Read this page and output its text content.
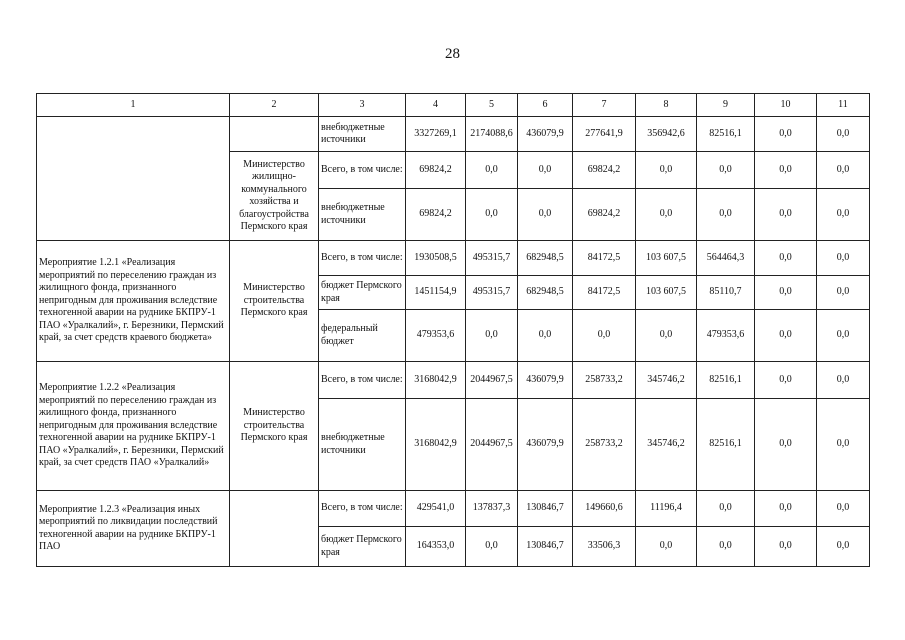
28
1	2	3	4	5	6	7	8	9	10	11
		внебюджетные источники	3327269,1	2174088,6	436079,9	277641,9	356942,6	82516,1	0,0	0,0
	Министерство жилищно-коммунального хозяйства и благоустройства Пермского края	Всего, в том числе:	69824,2	0,0	0,0	69824,2	0,0	0,0	0,0	0,0
		внебюджетные источники	69824,2	0,0	0,0	69824,2	0,0	0,0	0,0	0,0
Мероприятие 1.2.1 «Реализация мероприятий по переселению граждан из жилищного фонда, признанного непригодным для проживания вследствие техногенной аварии на руднике БКПРУ-1 ПАО «Уралкалий», г. Березники, Пермский край, за счет средств краевого бюджета»	Министерство строительства Пермского края	Всего, в том числе:	1930508,5	495315,7	682948,5	84172,5	103 607,5	564464,3	0,0	0,0
		бюджет Пермского края	1451154,9	495315,7	682948,5	84172,5	103 607,5	85110,7	0,0	0,0
		федеральный бюджет	479353,6	0,0	0,0	0,0	0,0	479353,6	0,0	0,0
Мероприятие 1.2.2 «Реализация мероприятий по переселению граждан из жилищного фонда, признанного непригодным для проживания вследствие техногенной аварии на руднике БКПРУ-1 ПАО «Уралкалий», г. Березники, Пермский край, за счет средств ПАО «Уралкалий»	Министерство строительства Пермского края	Всего, в том числе:	3168042,9	2044967,5	436079,9	258733,2	345746,2	82516,1	0,0	0,0
		внебюджетные источники	3168042,9	2044967,5	436079,9	258733,2	345746,2	82516,1	0,0	0,0
Мероприятие 1.2.3 «Реализация иных мероприятий по ликвидации последствий техногенной аварии на руднике БКПРУ-1 ПАО		Всего, в том числе:	429541,0	137837,3	130846,7	149660,6	11196,4	0,0	0,0	0,0
		бюджет Пермского края	164353,0	0,0	130846,7	33506,3	0,0	0,0	0,0	0,0
